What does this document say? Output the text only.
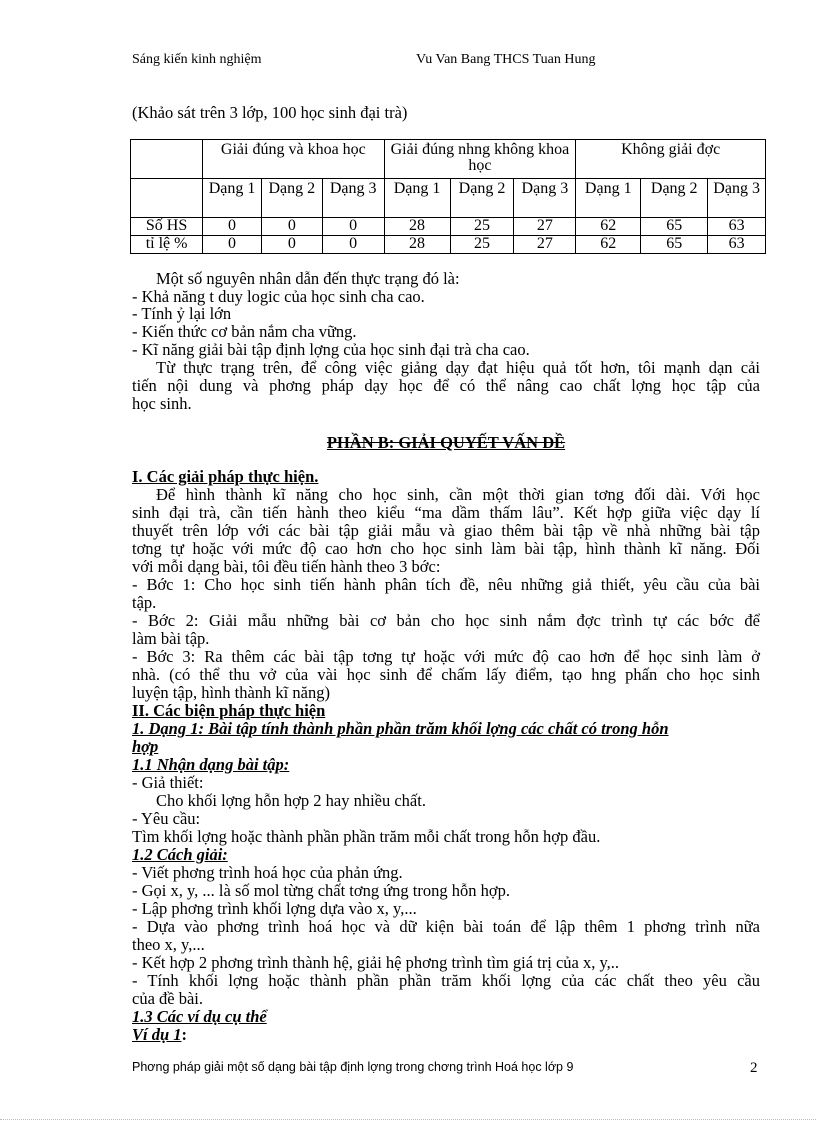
Sáng kiến kinh nghiệm	Vu Van Bang THCS Tuan Hung
(Khảo sát trên 3 lớp, 100 học sinh đại trà)
	Giải đúng và khoa học			Giải đúng nhng không khoa học			Không giải đợc		
	Dạng 1	Dạng 2	Dạng 3	Dạng 1	Dạng 2	Dạng 3	Dạng 1	Dạng 2	Dạng 3
Số HS	0	0	0	28	25	27	62	65	63
tỉ lệ %	0	0	0	28	25	27	62	65	63
Một số nguyên nhân dẫn đến thực trạng đó là:
- Khả năng t duy logic của học sinh cha cao.
- Tính ỷ lại lớn
- Kiến thức cơ bản nắm cha vững.
- Kĩ năng giải bài tập định lợng của học sinh đại trà cha cao.
Từ thực trạng trên, để công việc giảng dạy đạt hiệu quả tốt hơn, tôi mạnh dạn cải
tiến nội dung và phơng pháp dạy học để có thể nâng cao chất lợng học tập của
học sinh.
PHẦN B: GIẢI QUYẾT VẤN ĐỀ
I. Các giải pháp thực hiện.
Để hình thành kĩ năng cho học sinh, cần một thời gian tơng đối dài. Với học
sinh đại trà, cần tiến hành theo kiểu “ma dầm thấm lâu”. Kết hợp giữa việc dạy lí
thuyết trên lớp với các bài tập giải mẫu và giao thêm bài tập về nhà những bài tập
tơng tự hoặc với mức độ cao hơn cho học sinh làm bài tập, hình thành kĩ năng. Đối
với mỗi dạng bài, tôi đều tiến hành theo 3 bớc:
- Bớc 1: Cho học sinh tiến hành phân tích đề, nêu những giả thiết, yêu cầu của bài
tập.
- Bớc 2: Giải mẫu những bài cơ bản cho học sinh nắm đợc trình tự các bớc để
làm bài tập.
- Bớc 3: Ra thêm các bài tập tơng tự hoặc với mức độ cao hơn để học sinh làm ở
nhà. (có thể thu vở của vài học sinh để chấm lấy điểm, tạo hng phấn cho học sinh
luyện tập, hình thành kĩ năng)
II. Các biện pháp thực hiện
1. Dạng 1: Bài tập tính thành phần phần trăm khối lợng các chất có trong hỗn
hợp
1.1 Nhận dạng bài tập:
- Giả thiết:
Cho khối lợng hỗn hợp 2 hay nhiều chất.
- Yêu cầu:
Tìm khối lợng hoặc thành phần phần trăm mỗi chất trong hỗn hợp đầu.
1.2 Cách giải:
- Viết phơng trình hoá học của phản ứng.
- Gọi x, y, ... là số mol từng chất tơng ứng trong hỗn hợp.
- Lập phơng trình khối lợng dựa vào x, y,...
- Dựa vào phơng trình hoá học và dữ kiện bài toán để lập thêm 1 phơng trình nữa
theo x, y,...
- Kết hợp 2 phơng trình thành hệ, giải hệ phơng trình tìm giá trị của x, y,..
- Tính khối lợng hoặc thành phần phần trăm khối lợng của các chất theo yêu cầu
của đề bài.
1.3 Các ví dụ cụ thể
Ví dụ 1:
Phơng pháp giải một số dạng bài tập định lợng trong chơng trình Hoá học lớp 9	2
